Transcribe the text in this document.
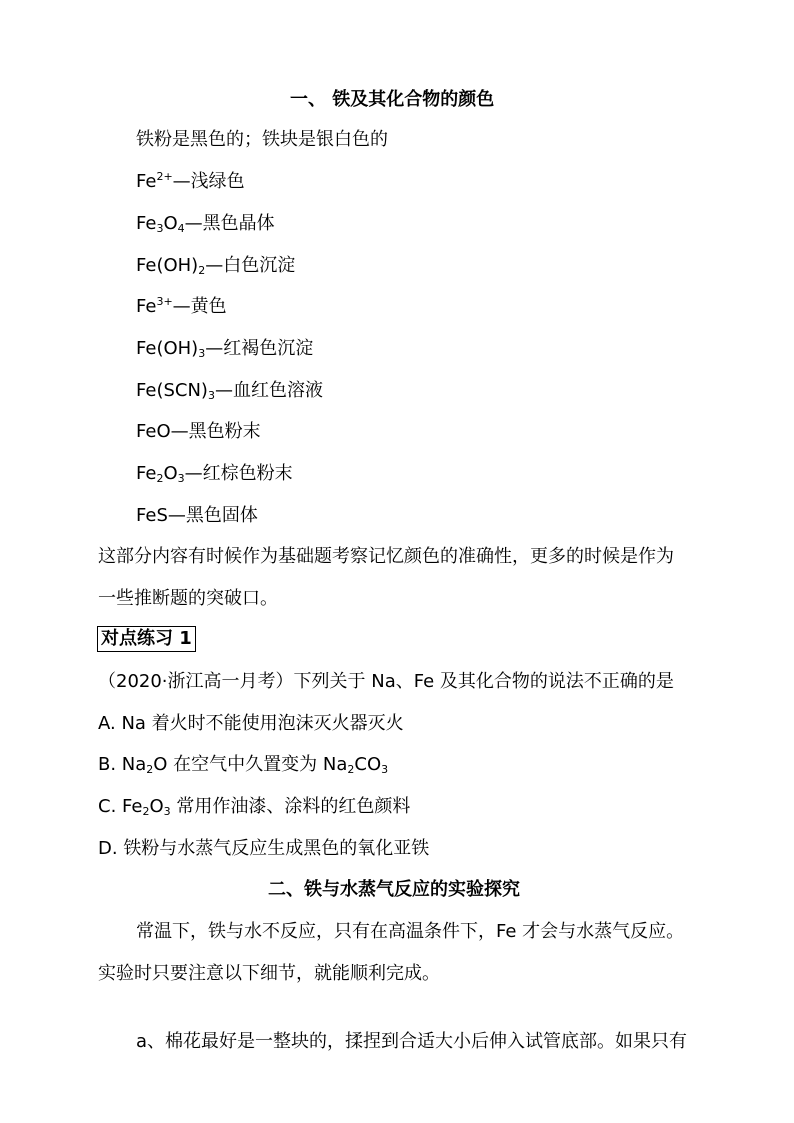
一、 铁及其化合物的颜色
铁粉是黑色的；铁块是银白色的
$Fe^{2+}—$浅绿色
$Fe_3O_4—$黑色晶体
$Fe(OH)_2—$白色沉淀
$Fe^{3+}—$黄色
$Fe(OH)_3—$红褐色沉淀
$Fe(SCN)_3—$血红色溶液
FeO—黑色粉末
$Fe_2O_3—$红棕色粉末
FeS—黑色固体
这部分内容有时候作为基础题考察记忆颜色的准确性，更多的时候是作为
一些推断题的突破口。
对点练习 1
（2020·浙江高一月考）下列关于 Na、Fe 及其化合物的说法不正确的是
A. Na 着火时不能使用泡沫灭火器灭火
B. $Na_2O$ 在空气中久置变为 $Na_2CO_3$
C. $Fe_2O_3$ 常用作油漆、涂料的红色颜料
D. 铁粉与水蒸气反应生成黑色的氧化亚铁
二、铁与水蒸气反应的实验探究
常温下，铁与水不反应，只有在高温条件下，Fe 才会与水蒸气反应。
实验时只要注意以下细节，就能顺利完成。
a、棉花最好是一整块的，揉捏到合适大小后伸入试管底部。如果只有
